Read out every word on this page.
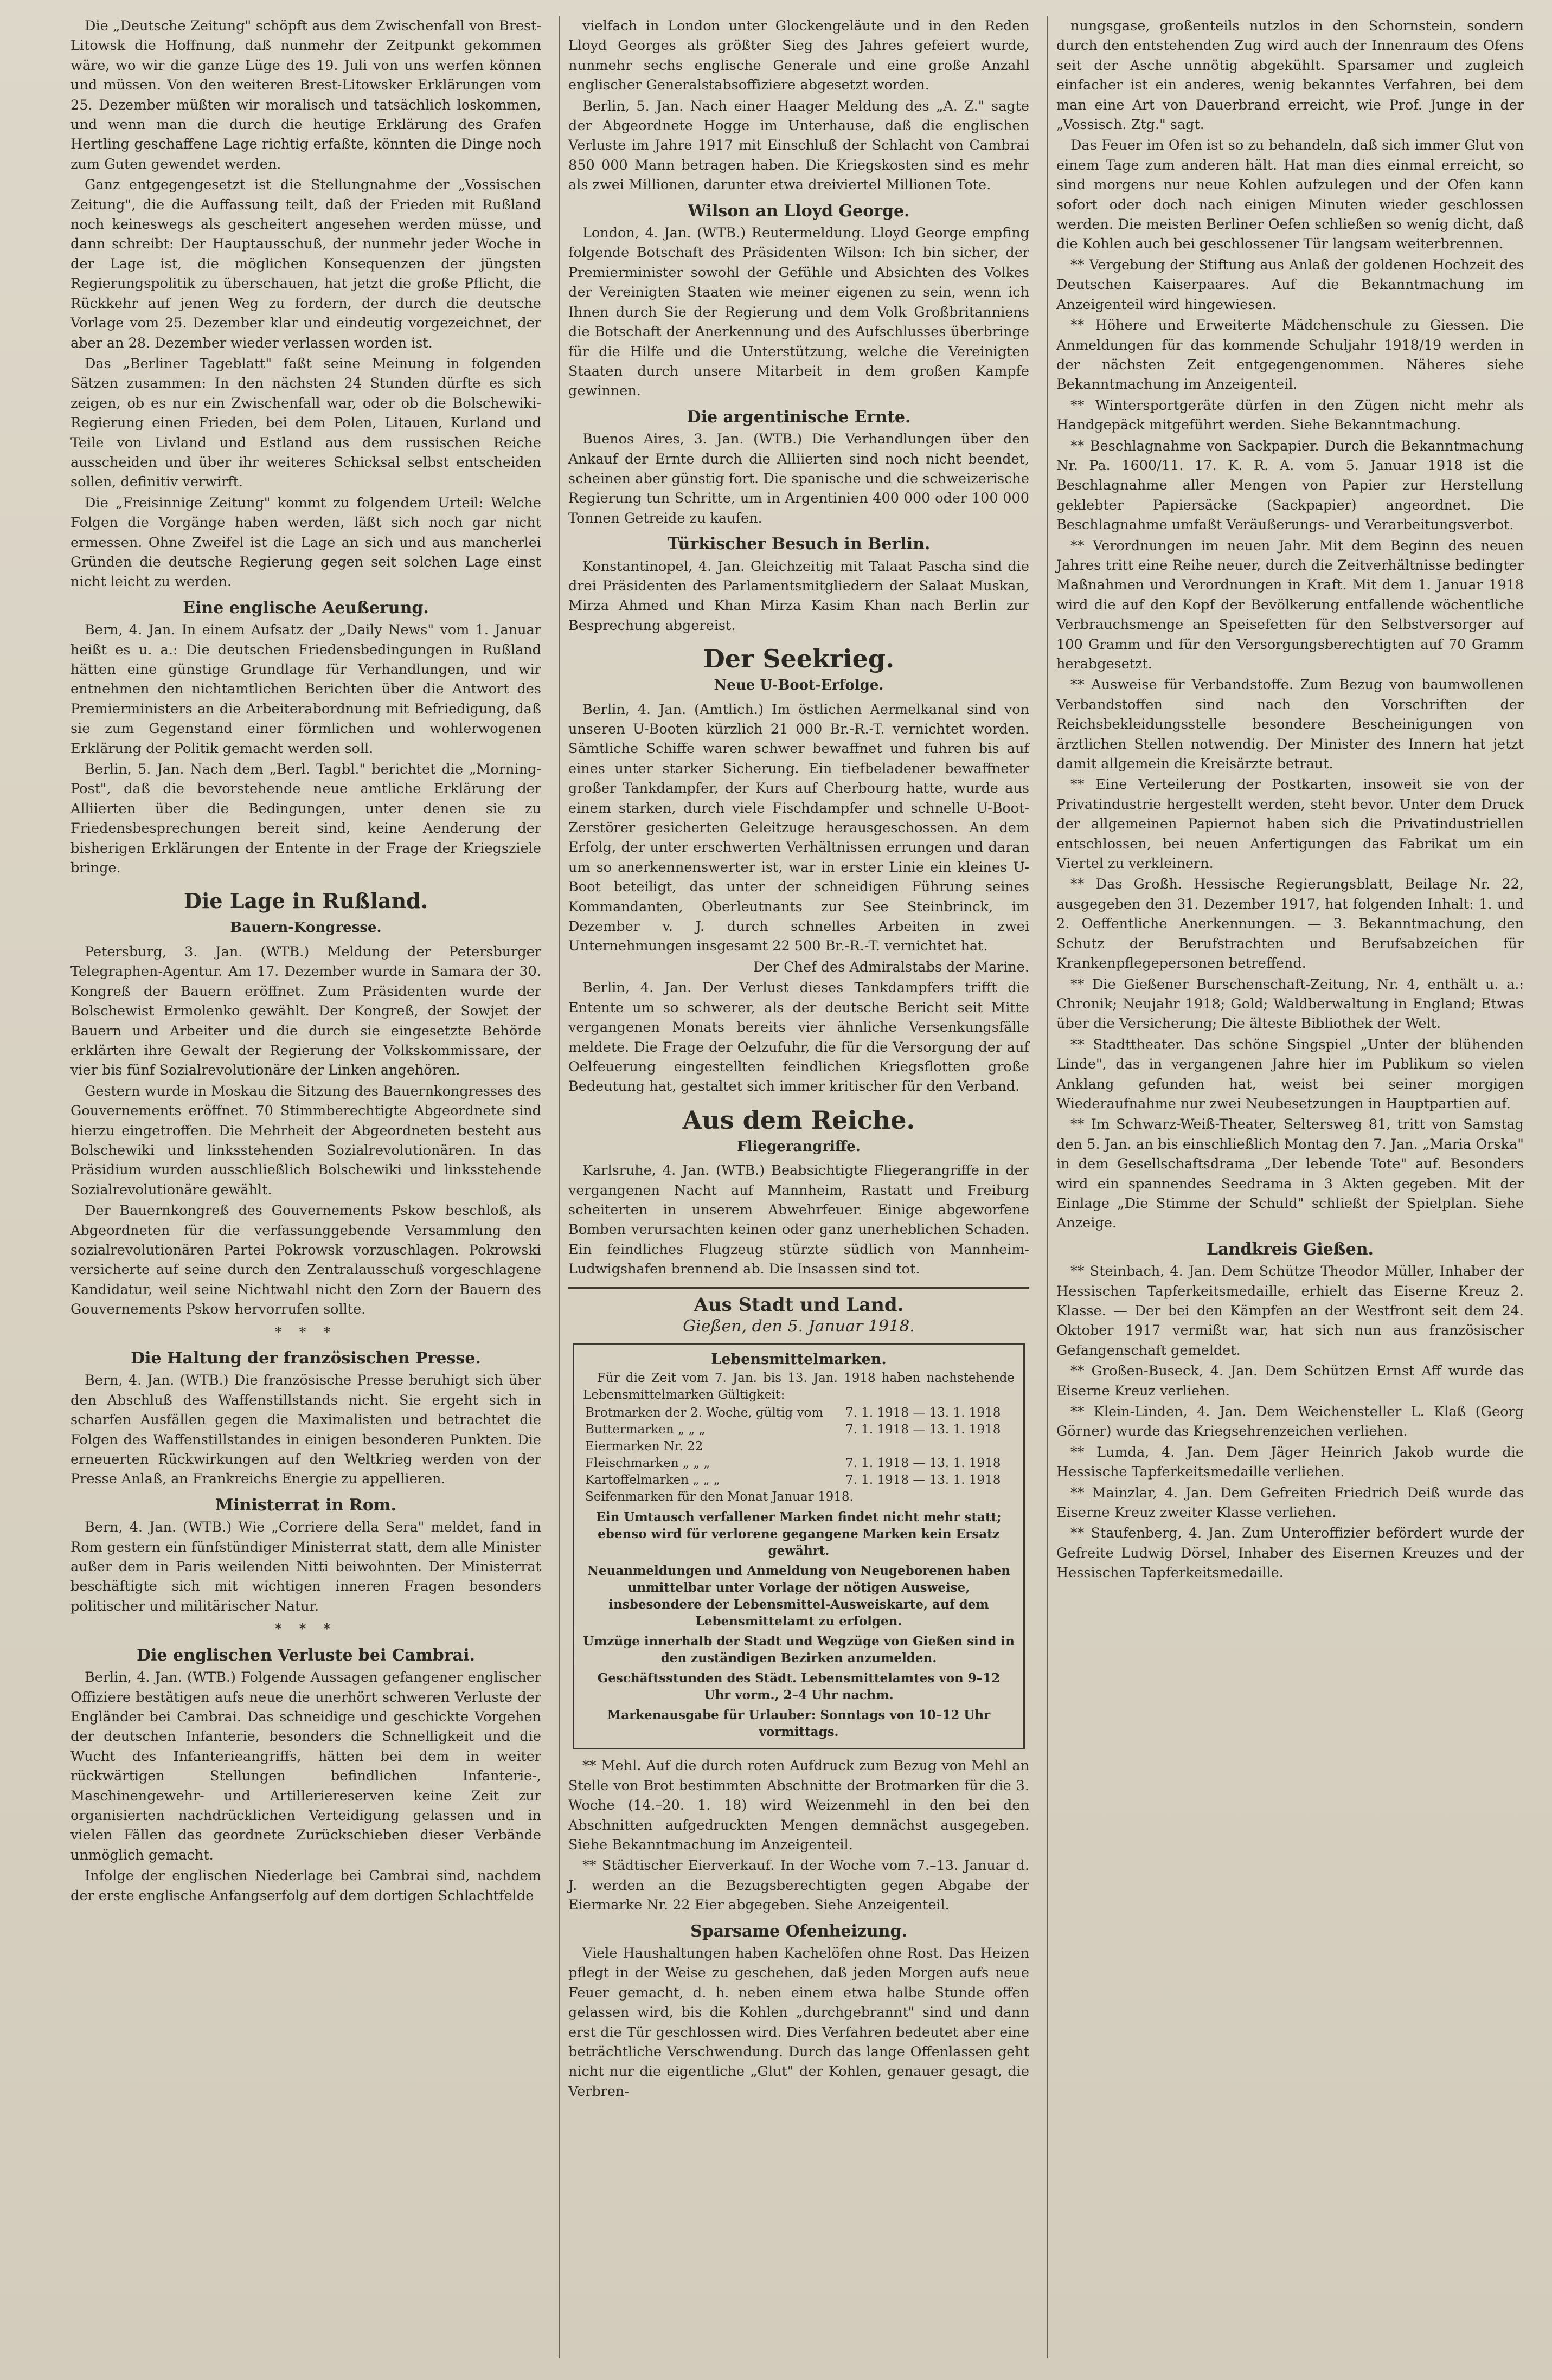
Die „Deutsche Zeitung" schöpft aus dem Zwischenfall von Brest-Litowsk die Hoffnung, daß nunmehr der Zeitpunkt gekommen wäre, wo wir die ganze Lüge des 19. Juli von uns werfen können und müssen. Von den weiteren Brest-Litowsker Erklärungen vom 25. Dezember müßten wir moralisch und tatsächlich loskommen, und wenn man die durch die heutige Erklärung des Grafen Hertling geschaffene Lage richtig erfaßte, könnten die Dinge noch zum Guten gewendet werden.

Ganz entgegengesetzt ist die Stellungnahme der „Vossischen Zeitung", die die Auffassung teilt, daß der Frieden mit Rußland noch keineswegs als gescheitert angesehen werden müsse, und dann schreibt: Der Hauptausschuß, der nunmehr jeder Woche in der Lage ist, die möglichen Konsequenzen der jüngsten Regierungspolitik zu überschauen, hat jetzt die große Pflicht, die Rückkehr auf jenen Weg zu fordern, der durch die deutsche Vorlage vom 25. Dezember klar und eindeutig vorgezeichnet, der aber an 28. Dezember wieder verlassen worden ist.

Das „Berliner Tageblatt" faßt seine Meinung in folgenden Sätzen zusammen: In den nächsten 24 Stunden dürfte es sich zeigen, ob es nur ein Zwischenfall war, oder ob die Bolschewiki-Regierung einen Frieden, bei dem Polen, Litauen, Kurland und Teile von Livland und Estland aus dem russischen Reiche ausscheiden und über ihr weiteres Schicksal selbst entscheiden sollen, definitiv verwirft.

Die „Freisinnige Zeitung" kommt zu folgendem Urteil: Welche Folgen die Vorgänge haben werden, läßt sich noch gar nicht ermessen. Ohne Zweifel ist die Lage an sich und aus mancherlei Gründen die deutsche Regierung gegen seit solchen Lage einst nicht leicht zu werden.

Eine englische Aeußerung.

Bern, 4. Jan. In einem Aufsatz der „Daily News" vom 1. Januar heißt es u. a.: Die deutschen Friedensbedingungen in Rußland hätten eine günstige Grundlage für Verhandlungen, und wir entnehmen den nichtamtlichen Berichten über die Antwort des Premierministers an die Arbeiterabordnung mit Befriedigung, daß sie zum Gegenstand einer förmlichen und wohlerwogenen Erklärung der Politik gemacht werden soll.

Berlin, 5. Jan. Nach dem „Berl. Tagbl." berichtet die „Morning-Post", daß die bevorstehende neue amtliche Erklärung der Alliierten über die Bedingungen, unter denen sie zu Friedensbesprechungen bereit sind, keine Aenderung der bisherigen Erklärungen der Entente in der Frage der Kriegsziele bringe.

Die Lage in Rußland.
Bauern-Kongresse.

Petersburg, 3. Jan. (WTB.) Meldung der Petersburger Telegraphen-Agentur. Am 17. Dezember wurde in Samara der 30. Kongreß der Bauern eröffnet. Zum Präsidenten wurde der Bolschewist Ermolenko gewählt. Der Kongreß, der Sowjet der Bauern und Arbeiter und die durch sie eingesetzte Behörde erklärten ihre Gewalt der Regierung der Volkskommissare, der vier bis fünf Sozialrevolutionäre der Linken angehören.

Gestern wurde in Moskau die Sitzung des Bauernkongresses des Gouvernements eröffnet. 70 Stimmberechtigte Abgeordnete sind hierzu eingetroffen. Die Mehrheit der Abgeordneten besteht aus Bolschewiki und linksstehenden Sozialrevolutionären. In das Präsidium wurden ausschließlich Bolschewiki und linksstehende Sozialrevolutionäre gewählt.

Der Bauernkongreß des Gouvernements Pskow beschloß, als Abgeordneten für die verfassunggebende Versammlung den sozialrevolutionären Partei Pokrowsk vorzuschlagen. Pokrowski versicherte auf seine durch den Zentralausschuß vorgeschlagene Kandidatur, weil seine Nichtwahl nicht den Zorn der Bauern des Gouvernements Pskow hervorrufen sollte.

* * *
Die Haltung der französischen Presse.

Bern, 4. Jan. (WTB.) Die französische Presse beruhigt sich über den Abschluß des Waffenstillstands nicht. Sie ergeht sich in scharfen Ausfällen gegen die Maximalisten und betrachtet die Folgen des Waffenstillstandes in einigen besonderen Punkten. Die erneuerten Rückwirkungen auf den Weltkrieg werden von der Presse Anlaß, an Frankreichs Energie zu appellieren.

Ministerrat in Rom.

Bern, 4. Jan. (WTB.) Wie „Corriere della Sera" meldet, fand in Rom gestern ein fünfstündiger Ministerrat statt, dem alle Minister außer dem in Paris weilenden Nitti beiwohnten. Der Ministerrat beschäftigte sich mit wichtigen inneren Fragen besonders politischer und militärischer Natur.

* * *
Die englischen Verluste bei Cambrai.

Berlin, 4. Jan. (WTB.) Folgende Aussagen gefangener englischer Offiziere bestätigen aufs neue die unerhört schweren Verluste der Engländer bei Cambrai. Das schneidige und geschickte Vorgehen der deutschen Infanterie, besonders die Schnelligkeit und die Wucht des Infanterieangriffs, hätten bei dem in weiter rückwärtigen Stellungen befindlichen Infanterie-, Maschinengewehr- und Artilleriereserven keine Zeit zur organisierten nachdrücklichen Verteidigung gelassen und in vielen Fällen das geordnete Zurückschieben dieser Verbände unmöglich gemacht.

Infolge der englischen Niederlage bei Cambrai sind, nachdem der erste englische Anfangserfolg auf dem dortigen Schlachtfelde

vielfach in London unter Glockengeläute und in den Reden Lloyd Georges als größter Sieg des Jahres gefeiert wurde, nunmehr sechs englische Generale und eine große Anzahl englischer Generalstabsoffiziere abgesetzt worden.

Berlin, 5. Jan. Nach einer Haager Meldung des „A. Z." sagte der Abgeordnete Hogge im Unterhause, daß die englischen Verluste im Jahre 1917 mit Einschluß der Schlacht von Cambrai 850 000 Mann betragen haben. Die Kriegskosten sind es mehr als zwei Millionen, darunter etwa dreiviertel Millionen Tote.

Wilson an Lloyd George.

London, 4. Jan. (WTB.) Reutermeldung. Lloyd George empfing folgende Botschaft des Präsidenten Wilson: Ich bin sicher, der Premierminister sowohl der Gefühle und Absichten des Volkes der Vereinigten Staaten wie meiner eigenen zu sein, wenn ich Ihnen durch Sie der Regierung und dem Volk Großbritanniens die Botschaft der Anerkennung und des Aufschlusses überbringe für die Hilfe und die Unterstützung, welche die Vereinigten Staaten durch unsere Mitarbeit in dem großen Kampfe gewinnen.

Die argentinische Ernte.

Buenos Aires, 3. Jan. (WTB.) Die Verhandlungen über den Ankauf der Ernte durch die Alliierten sind noch nicht beendet, scheinen aber günstig fort. Die spanische und die schweizerische Regierung tun Schritte, um in Argentinien 400 000 oder 100 000 Tonnen Getreide zu kaufen.

Türkischer Besuch in Berlin.

Konstantinopel, 4. Jan. Gleichzeitig mit Talaat Pascha sind die drei Präsidenten des Parlamentsmitgliedern der Salaat Muskan, Mirza Ahmed und Khan Mirza Kasim Khan nach Berlin zur Besprechung abgereist.

Der Seekrieg.
Neue U-Boot-Erfolge.

Berlin, 4. Jan. (Amtlich.) Im östlichen Aermelkanal sind von unseren U-Booten kürzlich 21 000 Br.-R.-T. vernichtet worden. Sämtliche Schiffe waren schwer bewaffnet und fuhren bis auf eines unter starker Sicherung. Ein tiefbeladener bewaffneter großer Tankdampfer, der Kurs auf Cherbourg hatte, wurde aus einem starken, durch viele Fischdampfer und schnelle U-Boot-Zerstörer gesicherten Geleitzuge herausgeschossen. An dem Erfolg, der unter erschwerten Verhältnissen errungen und daran um so anerkennenswerter ist, war in erster Linie ein kleines U-Boot beteiligt, das unter der schneidigen Führung seines Kommandanten, Oberleutnants zur See Steinbrinck, im Dezember v. J. durch schnelles Arbeiten in zwei Unternehmungen insgesamt 22 500 Br.-R.-T. vernichtet hat.

Der Chef des Admiralstabs der Marine.

Berlin, 4. Jan. Der Verlust dieses Tankdampfers trifft die Entente um so schwerer, als der deutsche Bericht seit Mitte vergangenen Monats bereits vier ähnliche Versenkungsfälle meldete. Die Frage der Oelzufuhr, die für die Versorgung der auf Oelfeuerung eingestellten feindlichen Kriegsflotten große Bedeutung hat, gestaltet sich immer kritischer für den Verband.

Aus dem Reiche.
Fliegerangriffe.

Karlsruhe, 4. Jan. (WTB.) Beabsichtigte Fliegerangriffe in der vergangenen Nacht auf Mannheim, Rastatt und Freiburg scheiterten in unserem Abwehrfeuer. Einige abgeworfene Bomben verursachten keinen oder ganz unerheblichen Schaden. Ein feindliches Flugzeug stürzte südlich von Mannheim-Ludwigshafen brennend ab. Die Insassen sind tot.

Aus Stadt und Land.
Gießen, den 5. Januar 1918.
Lebensmittelmarken.

Für die Zeit vom 7. Jan. bis 13. Jan. 1918 haben nachstehende Lebensmittelmarken Gültigkeit:

Brotmarken der 2. Woche, gültig vom	7. 1. 1918 — 13. 1. 1918
Buttermarken „ „ „	7. 1. 1918 — 13. 1. 1918
Eiermarken Nr. 22	
Fleischmarken „ „ „	7. 1. 1918 — 13. 1. 1918
Kartoffelmarken „ „ „	7. 1. 1918 — 13. 1. 1918
Seifenmarken für den Monat Januar 1918.	

Ein Umtausch verfallener Marken findet nicht mehr statt; ebenso wird für verlorene gegangene Marken kein Ersatz gewährt.

Neuanmeldungen und Anmeldung von Neugeborenen haben unmittelbar unter Vorlage der nötigen Ausweise, insbesondere der Lebensmittel-Ausweiskarte, auf dem Lebensmittelamt zu erfolgen.

Umzüge innerhalb der Stadt und Wegzüge von Gießen sind in den zuständigen Bezirken anzumelden.

Geschäftsstunden des Städt. Lebensmittelamtes von 9–12 Uhr vorm., 2–4 Uhr nachm.

Markenausgabe für Urlauber: Sonntags von 10–12 Uhr vormittags.

** Mehl. Auf die durch roten Aufdruck zum Bezug von Mehl an Stelle von Brot bestimmten Abschnitte der Brotmarken für die 3. Woche (14.–20. 1. 18) wird Weizenmehl in den bei den Abschnitten aufgedruckten Mengen demnächst ausgegeben. Siehe Bekanntmachung im Anzeigenteil.

** Städtischer Eierverkauf. In der Woche vom 7.–13. Januar d. J. werden an die Bezugsberechtigten gegen Abgabe der Eiermarke Nr. 22 Eier abgegeben. Siehe Anzeigenteil.

Sparsame Ofenheizung.

Viele Haushaltungen haben Kachelöfen ohne Rost. Das Heizen pflegt in der Weise zu geschehen, daß jeden Morgen aufs neue Feuer gemacht, d. h. neben einem etwa halbe Stunde offen gelassen wird, bis die Kohlen „durchgebrannt" sind und dann erst die Tür geschlossen wird. Dies Verfahren bedeutet aber eine beträchtliche Verschwendung. Durch das lange Offenlassen geht nicht nur die eigentliche „Glut" der Kohlen, genauer gesagt, die Verbren-

nungsgase, großenteils nutzlos in den Schornstein, sondern durch den entstehenden Zug wird auch der Innenraum des Ofens seit der Asche unnötig abgekühlt. Sparsamer und zugleich einfacher ist ein anderes, wenig bekanntes Verfahren, bei dem man eine Art von Dauerbrand erreicht, wie Prof. Junge in der „Vossisch. Ztg." sagt.

Das Feuer im Ofen ist so zu behandeln, daß sich immer Glut von einem Tage zum anderen hält. Hat man dies einmal erreicht, so sind morgens nur neue Kohlen aufzulegen und der Ofen kann sofort oder doch nach einigen Minuten wieder geschlossen werden. Die meisten Berliner Oefen schließen so wenig dicht, daß die Kohlen auch bei geschlossener Tür langsam weiterbrennen.

** Vergebung der Stiftung aus Anlaß der goldenen Hochzeit des Deutschen Kaiserpaares. Auf die Bekanntmachung im Anzeigenteil wird hingewiesen.

** Höhere und Erweiterte Mädchenschule zu Giessen. Die Anmeldungen für das kommende Schuljahr 1918/19 werden in der nächsten Zeit entgegengenommen. Näheres siehe Bekanntmachung im Anzeigenteil.

** Wintersportgeräte dürfen in den Zügen nicht mehr als Handgepäck mitgeführt werden. Siehe Bekanntmachung.

** Beschlagnahme von Sackpapier. Durch die Bekanntmachung Nr. Pa. 1600/11. 17. K. R. A. vom 5. Januar 1918 ist die Beschlagnahme aller Mengen von Papier zur Herstellung geklebter Papiersäcke (Sackpapier) angeordnet. Die Beschlagnahme umfaßt Veräußerungs- und Verarbeitungsverbot.

** Verordnungen im neuen Jahr. Mit dem Beginn des neuen Jahres tritt eine Reihe neuer, durch die Zeitverhältnisse bedingter Maßnahmen und Verordnungen in Kraft. Mit dem 1. Januar 1918 wird die auf den Kopf der Bevölkerung entfallende wöchentliche Verbrauchsmenge an Speisefetten für den Selbstversorger auf 100 Gramm und für den Versorgungsberechtigten auf 70 Gramm herabgesetzt.

** Ausweise für Verbandstoffe. Zum Bezug von baumwollenen Verbandstoffen sind nach den Vorschriften der Reichsbekleidungsstelle besondere Bescheinigungen von ärztlichen Stellen notwendig. Der Minister des Innern hat jetzt damit allgemein die Kreisärzte betraut.

** Eine Verteilerung der Postkarten, insoweit sie von der Privatindustrie hergestellt werden, steht bevor. Unter dem Druck der allgemeinen Papiernot haben sich die Privatindustriellen entschlossen, bei neuen Anfertigungen das Fabrikat um ein Viertel zu verkleinern.

** Das Großh. Hessische Regierungsblatt, Beilage Nr. 22, ausgegeben den 31. Dezember 1917, hat folgenden Inhalt: 1. und 2. Oeffentliche Anerkennungen. — 3. Bekanntmachung, den Schutz der Berufstrachten und Berufsabzeichen für Krankenpflegepersonen betreffend.

** Die Gießener Burschenschaft-Zeitung, Nr. 4, enthält u. a.: Chronik; Neujahr 1918; Gold; Waldberwaltung in England; Etwas über die Versicherung; Die älteste Bibliothek der Welt.

** Stadttheater. Das schöne Singspiel „Unter der blühenden Linde", das in vergangenen Jahre hier im Publikum so vielen Anklang gefunden hat, weist bei seiner morgigen Wiederaufnahme nur zwei Neubesetzungen in Hauptpartien auf.

** Im Schwarz-Weiß-Theater, Seltersweg 81, tritt von Samstag den 5. Jan. an bis einschließlich Montag den 7. Jan. „Maria Orska" in dem Gesellschaftsdrama „Der lebende Tote" auf. Besonders wird ein spannendes Seedrama in 3 Akten gegeben. Mit der Einlage „Die Stimme der Schuld" schließt der Spielplan. Siehe Anzeige.

Landkreis Gießen.

** Steinbach, 4. Jan. Dem Schütze Theodor Müller, Inhaber der Hessischen Tapferkeitsmedaille, erhielt das Eiserne Kreuz 2. Klasse. — Der bei den Kämpfen an der Westfront seit dem 24. Oktober 1917 vermißt war, hat sich nun aus französischer Gefangenschaft gemeldet.

** Großen-Buseck, 4. Jan. Dem Schützen Ernst Aff wurde das Eiserne Kreuz verliehen.

** Klein-Linden, 4. Jan. Dem Weichensteller L. Klaß (Georg Görner) wurde das Kriegsehrenzeichen verliehen.

** Lumda, 4. Jan. Dem Jäger Heinrich Jakob wurde die Hessische Tapferkeitsmedaille verliehen.

** Mainzlar, 4. Jan. Dem Gefreiten Friedrich Deiß wurde das Eiserne Kreuz zweiter Klasse verliehen.

** Staufenberg, 4. Jan. Zum Unteroffizier befördert wurde der Gefreite Ludwig Dörsel, Inhaber des Eisernen Kreuzes und der Hessischen Tapferkeitsmedaille.
